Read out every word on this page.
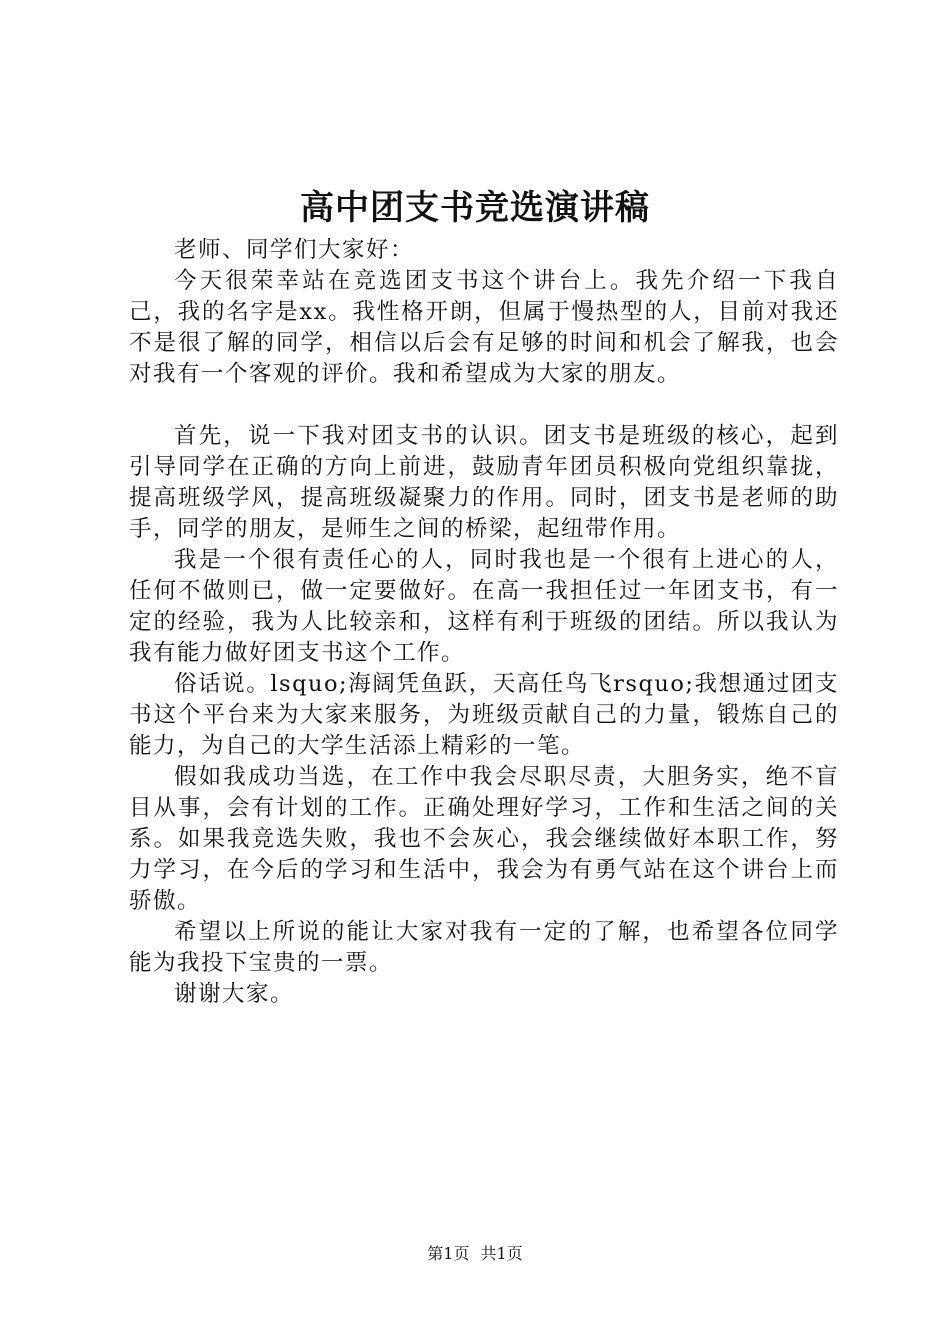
高中团支书竞选演讲稿

老师、同学们大家好：

今天很荣幸站在竞选团支书这个讲台上。我先介绍一下我自己，我的名字是xx。我性格开朗，但属于慢热型的人，目前对我还不是很了解的同学，相信以后会有足够的时间和机会了解我，也会对我有一个客观的评价。我和希望成为大家的朋友。

首先，说一下我对团支书的认识。团支书是班级的核心，起到引导同学在正确的方向上前进，鼓励青年团员积极向党组织靠拢，提高班级学风，提高班级凝聚力的作用。同时，团支书是老师的助手，同学的朋友，是师生之间的桥梁，起纽带作用。

我是一个很有责任心的人，同时我也是一个很有上进心的人，任何不做则已，做一定要做好。在高一我担任过一年团支书，有一定的经验，我为人比较亲和，这样有利于班级的团结。所以我认为我有能力做好团支书这个工作。

俗话说。lsquo;海阔凭鱼跃，天高任鸟飞rsquo;我想通过团支书这个平台来为大家来服务，为班级贡献自己的力量，锻炼自己的能力，为自己的大学生活添上精彩的一笔。

假如我成功当选，在工作中我会尽职尽责，大胆务实，绝不盲目从事，会有计划的工作。正确处理好学习，工作和生活之间的关系。如果我竞选失败，我也不会灰心，我会继续做好本职工作，努力学习，在今后的学习和生活中，我会为有勇气站在这个讲台上而骄傲。

希望以上所说的能让大家对我有一定的了解，也希望各位同学能为我投下宝贵的一票。

谢谢大家。

第1页 共1页
